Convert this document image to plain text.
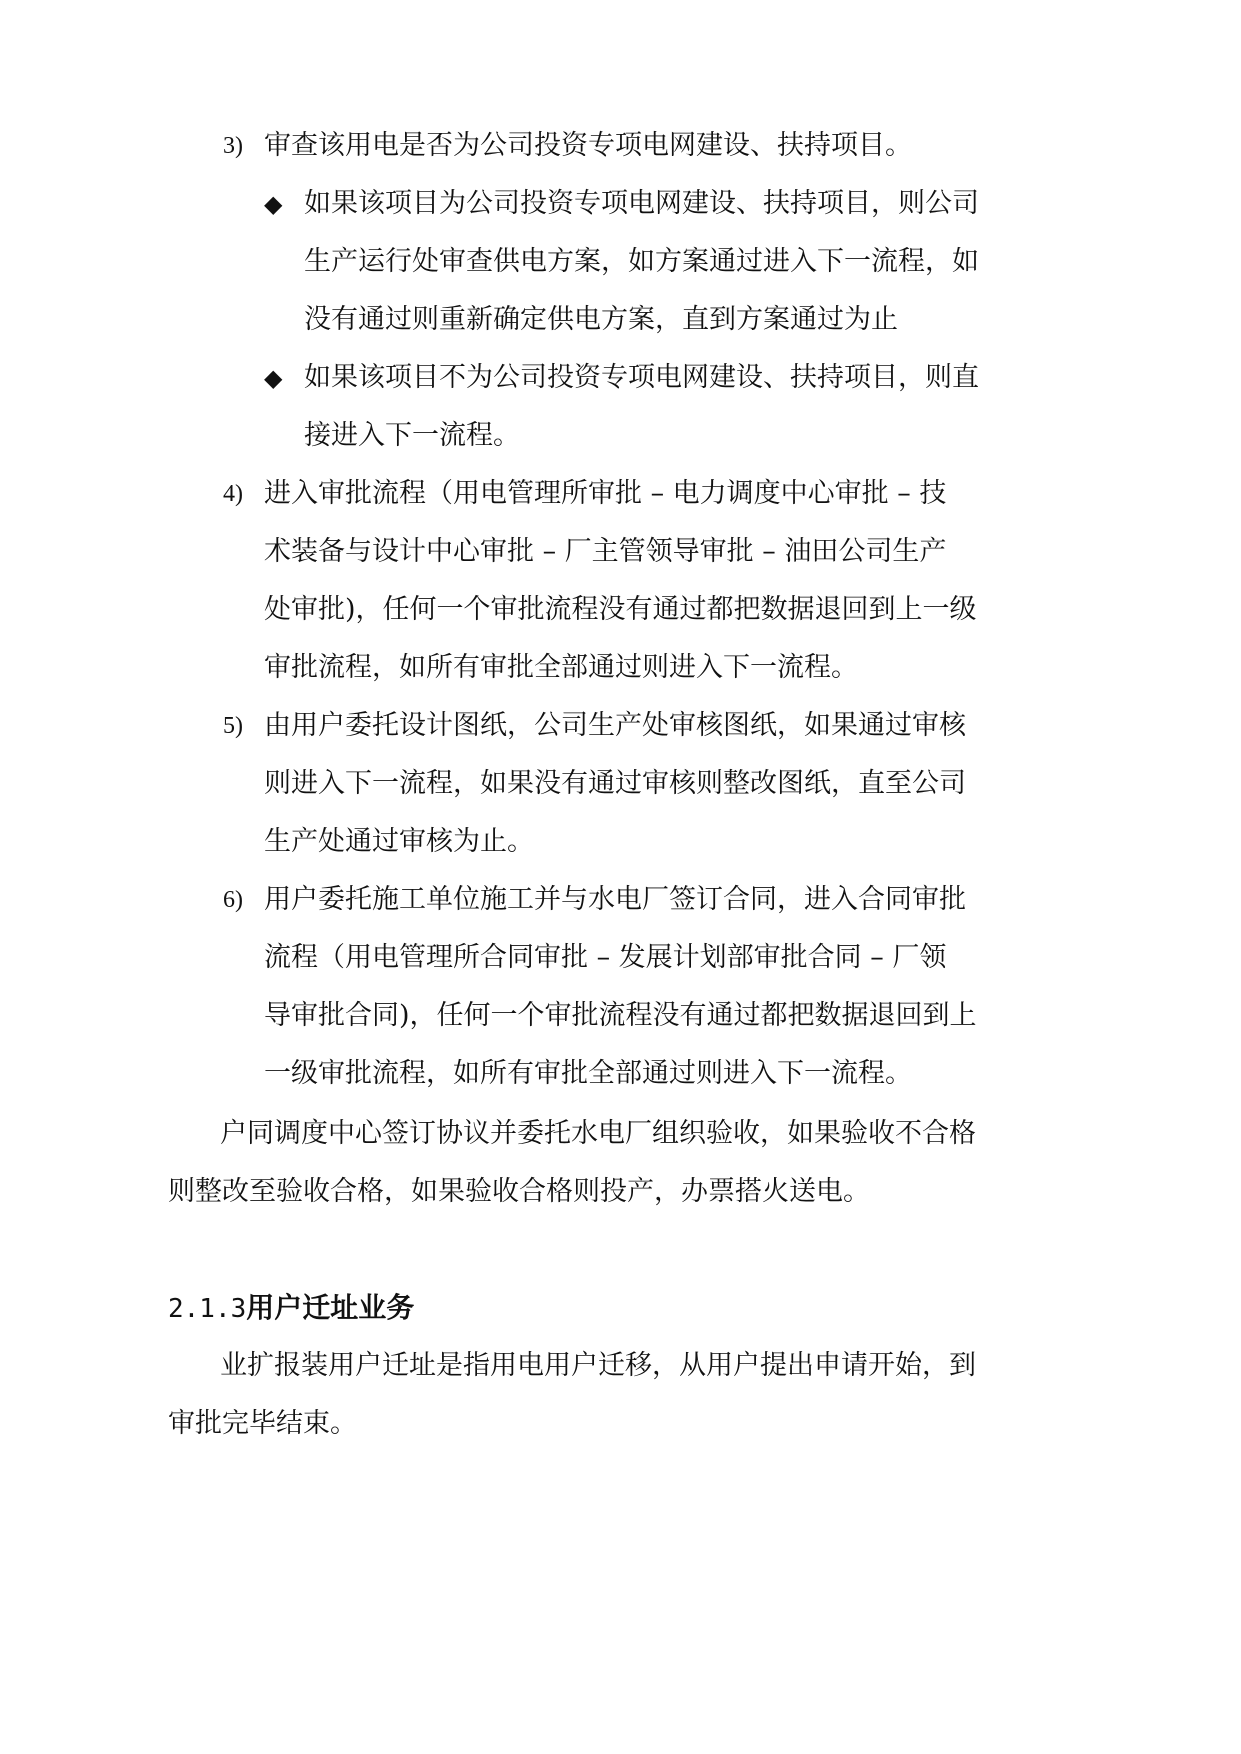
3) 审查该用电是否为公司投资专项电网建设、扶持项目。
◆ 如果该项目为公司投资专项电网建设、扶持项目，则公司
生产运行处审查供电方案，如方案通过进入下一流程，如
没有通过则重新确定供电方案，直到方案通过为止
◆ 如果该项目不为公司投资专项电网建设、扶持项目，则直
接进入下一流程。
4) 进入审批流程（用电管理所审批 – 电力调度中心审批 – 技
术装备与设计中心审批 – 厂主管领导审批 – 油田公司生产
处审批)，任何一个审批流程没有通过都把数据退回到上一级
审批流程，如所有审批全部通过则进入下一流程。
5) 由用户委托设计图纸，公司生产处审核图纸，如果通过审核
则进入下一流程，如果没有通过审核则整改图纸，直至公司
生产处通过审核为止。
6) 用户委托施工单位施工并与水电厂签订合同，进入合同审批
流程（用电管理所合同审批 – 发展计划部审批合同 – 厂领
导审批合同)，任何一个审批流程没有通过都把数据退回到上
一级审批流程，如所有审批全部通过则进入下一流程。
户同调度中心签订协议并委托水电厂组织验收，如果验收不合格
则整改至验收合格，如果验收合格则投产，办票搭火送电。
2.1.3用户迁址业务
业扩报装用户迁址是指用电用户迁移，从用户提出申请开始，到
审批完毕结束。
